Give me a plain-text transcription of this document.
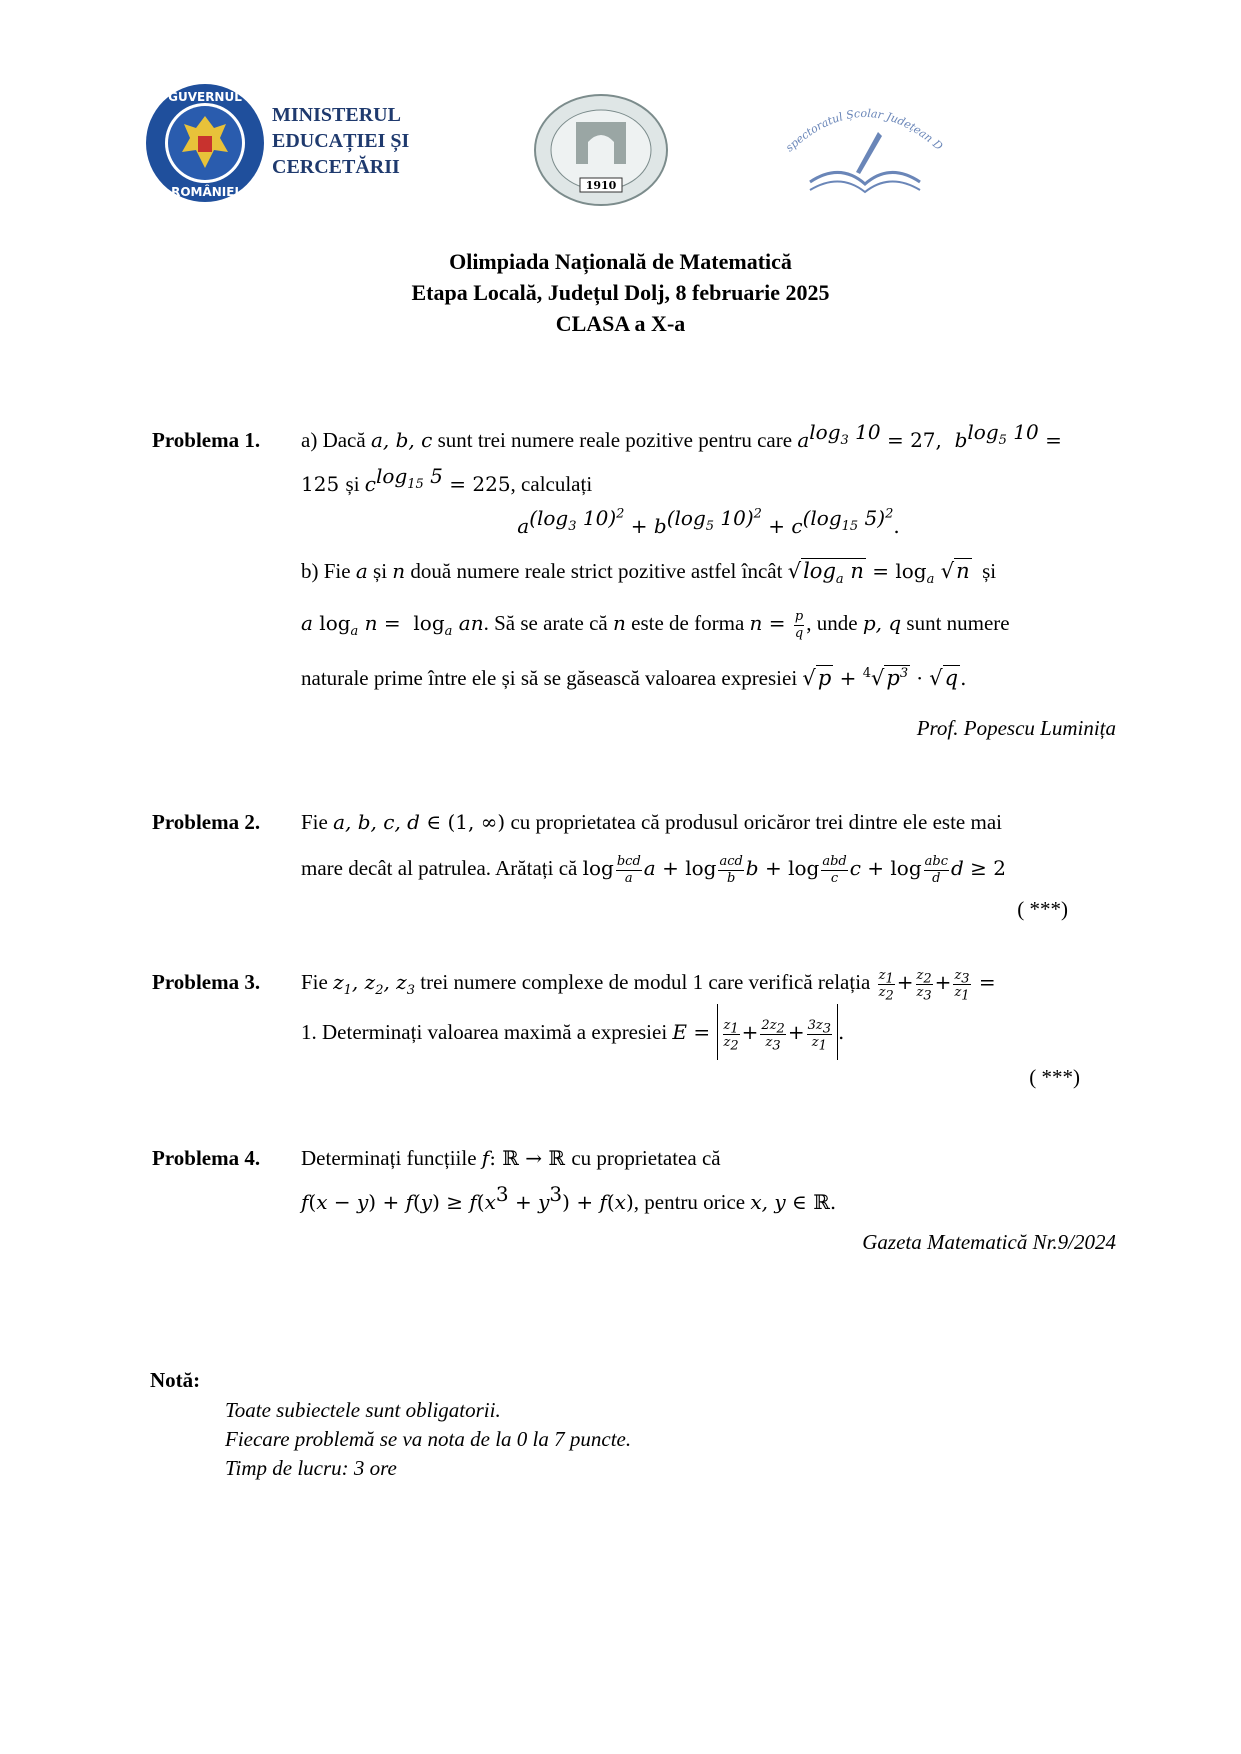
GUVERNUL
ROMÂNIEI
MINISTERUL
EDUCAȚIEI ȘI
CERCETĂRII
1910
spectoratul Școlar Județean D
Olimpiada Națională de Matematică
Etapa Locală, Județul Dolj, 8 februarie 2025
CLASA a X-a
Problema 1. a) Dacă a, b, c sunt trei numere reale pozitive pentru care $a^{log_3 10} = 27$,  $b^{log_5 10}$ =
125 și $c^{log_{15} 5} = 225$, calculați
$a^{(log_3 10)^2} + b^{(log_5 10)^2} + c^{(log_{15} 5)^2}$.
b) Fie a și n două numere reale strict pozitive astfel încât $√\log_a$ $n = \log_a √n$ și
a $\log_a n = \log_a$ an. Să se arate că n este de forma $n = \frac{p}{q}$ , unde p, q sunt numere
naturale prime între ele și să se găsească valoarea expresiei $√p + ^4√p^3 \cdot √q$ .
Prof. Popescu Luminița
Problema 2. Fie a, b, c, d ∈ (1, ∞) cu proprietatea că produsul oricăror trei dintre ele este mai
mare decât al patrulea. Arătați că $\log \frac{\text{bcd}}{a}$ $a + \log \frac{\text{acd}}{b}$ $b + \log \frac{\text{abd}}{c}$ $c + \log \frac{\text{abc}}{d}$ d ≥ 2
( ***)
Problema 3. Fie $z_1$, $z_2$, $z_3$ trei numere complexe de modul 1 care verifică relația $\frac{z_1}{z_2} + \frac{z_2}{z_3} + \frac{z_3}{z_1}$ =
1. Determinați valoarea maximă a expresiei $E = \frac{z_1}{z_2} + \frac{2z_2}{z_3} + \frac{3z_3}{z_1}$ .
( ***)
Problema 4. Determinați funcțiile f: ℝ → ℝ cu proprietatea că
$f(x - y) + f(y) \ge f(x^3 + y^3) + f(x)$, pentru orice x, y ∈ ℝ.
Gazeta Matematică Nr.9/2024
Notă:
Toate subiectele sunt obligatorii.
Fiecare problemă se va nota de la 0 la 7 puncte.
Timp de lucru: 3 ore
